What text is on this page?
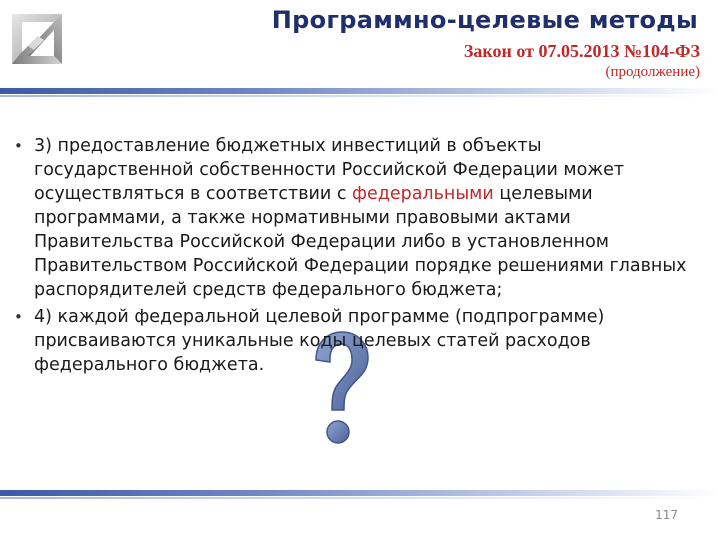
Программно-целевые методы
Закон от 07.05.2013 №104-ФЗ
(продолжение)
• 3) предоставление бюджетных инвестиций в объекты государственной собственности Российской Федерации может осуществляться в соответствии с федеральными целевыми программами, а также нормативными правовыми актами Правительства Российской Федерации либо в установленном Правительством Российской Федерации порядке решениями главных распорядителей средств федерального бюджета;
• 4) каждой федеральной целевой программе (подпрограмме) присваиваются уникальные коды целевых статей расходов федерального бюджета.
117
